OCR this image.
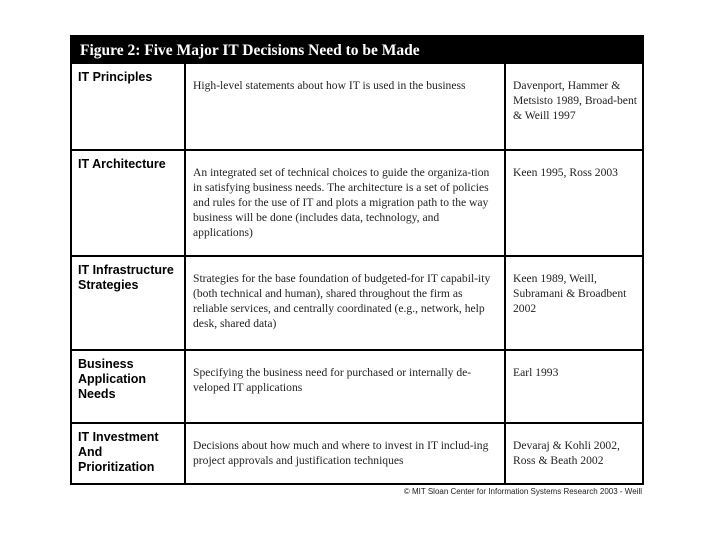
Figure 2: Five Major IT Decisions Need to be Made
IT Principles
High-level statements about how IT is used in the business	Davenport, Hammer & Metsisto 1989, Broad-bent & Weill 1997
IT Architecture
An integrated set of technical choices to guide the organiza-tion in satisfying business needs. The architecture is a set of policies and rules for the use of IT and plots a migration path to the way business will be done (includes data, technology, and applications)
Keen 1995, Ross 2003
IT Infrastructure Strategies	Strategies for the base foundation of budgeted-for IT capabil-ity (both technical and human), shared throughout the firm as reliable services, and centrally coordinated (e.g., network, help desk, shared data)
Keen 1989, Weill, Subramani & Broadbent 2002
Business Application Needs
Specifying the business need for purchased or internally de-veloped IT applications
Earl 1993
IT Investment And Prioritization
Decisions about how much and where to invest in IT includ-ing project approvals and justification techniques
Devaraj & Kohli 2002, Ross & Beath 2002
© MIT Sloan Center for Information Systems Research 2003 - Weill
